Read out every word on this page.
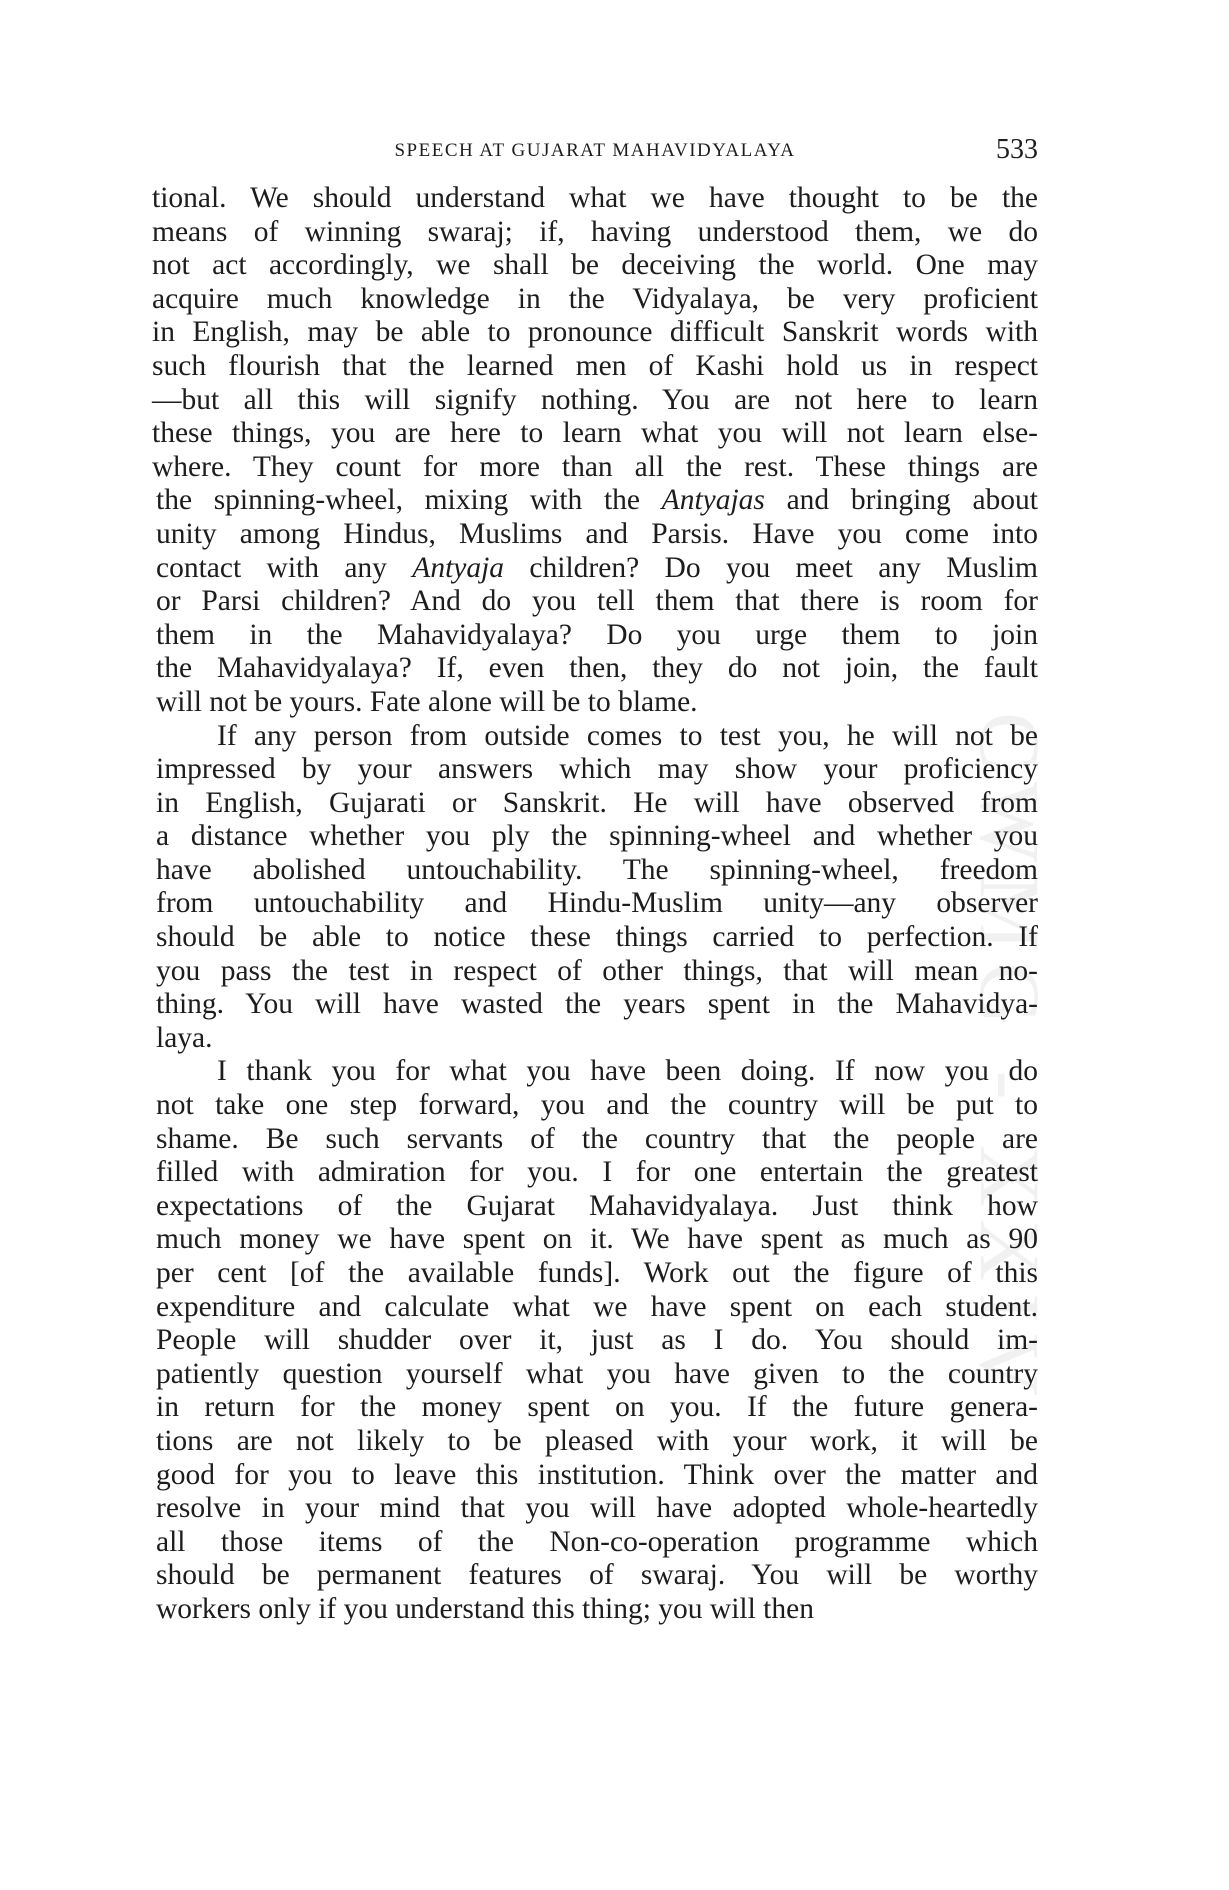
SPEECH AT GUJARAT MAHAVIDYALAYA	533
CWMG - XXIV
tional. We should understand what we have thought to be the
means of winning swaraj; if, having understood them, we do
not act accordingly, we shall be deceiving the world. One may
acquire much knowledge in the Vidyalaya, be very proficient
in English, may be able to pronounce difficult Sanskrit words with
such flourish that the learned men of Kashi hold us in respect
—but all this will signify nothing. You are not here to learn
these things, you are here to learn what you will not learn else-
where. They count for more than all the rest. These things are
the spinning-wheel, mixing with the Antyajas and bringing about
unity among Hindus, Muslims and Parsis. Have you come into
contact with any Antyaja children? Do you meet any Muslim
or Parsi children? And do you tell them that there is room for
them in the Mahavidyalaya? Do you urge them to join
the Mahavidyalaya? If, even then, they do not join, the fault
will not be yours. Fate alone will be to blame.
If any person from outside comes to test you, he will not be
impressed by your answers which may show your proficiency
in English, Gujarati or Sanskrit. He will have observed from
a distance whether you ply the spinning-wheel and whether you
have abolished untouchability. The spinning-wheel, freedom
from untouchability and Hindu-Muslim unity—any observer
should be able to notice these things carried to perfection. If
you pass the test in respect of other things, that will mean no-
thing. You will have wasted the years spent in the Mahavidya-
laya.
I thank you for what you have been doing. If now you do
not take one step forward, you and the country will be put to
shame. Be such servants of the country that the people are
filled with admiration for you. I for one entertain the greatest
expectations of the Gujarat Mahavidyalaya. Just think how
much money we have spent on it. We have spent as much as 90
per cent [of the available funds]. Work out the figure of this
expenditure and calculate what we have spent on each student.
People will shudder over it, just as I do. You should im-
patiently question yourself what you have given to the country
in return for the money spent on you. If the future genera-
tions are not likely to be pleased with your work, it will be
good for you to leave this institution. Think over the matter and
resolve in your mind that you will have adopted whole-heartedly
all those items of the Non-co-operation programme which
should be permanent features of swaraj. You will be worthy
workers only if you understand this thing; you will then
